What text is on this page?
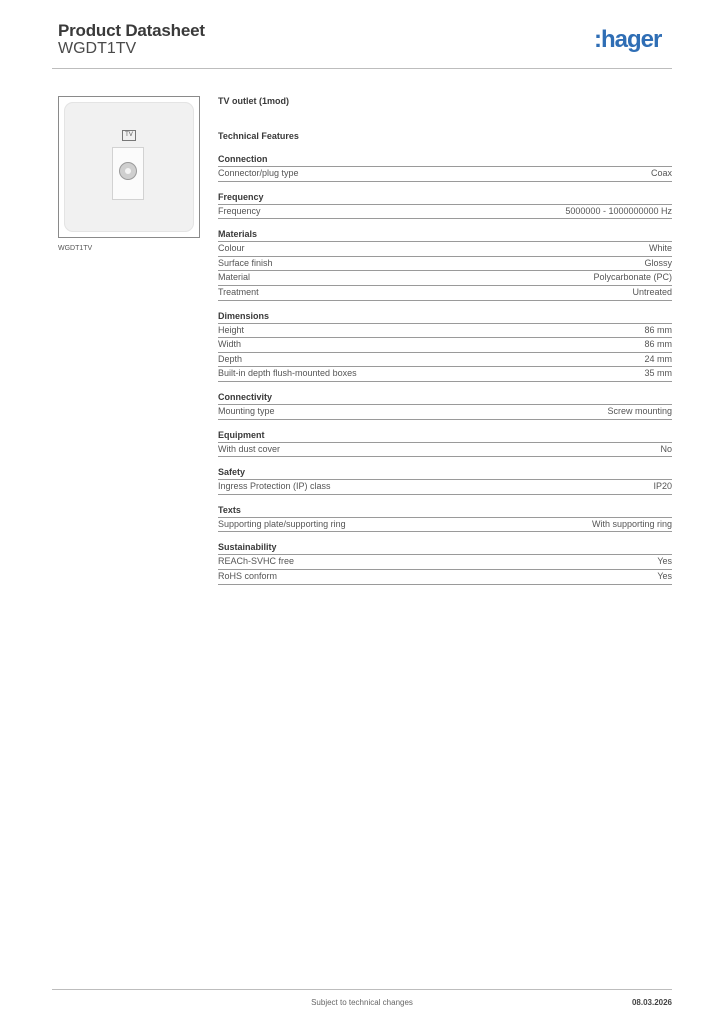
Product Datasheet
WGDT1TV	:hager
TV
WGDT1TV
TV outlet (1mod)
Technical Features
Connection
Connector/plug type	Coax
Frequency
Frequency	5000000 - 1000000000 Hz
Materials
Colour	White
Surface finish	Glossy
Material	Polycarbonate (PC)
Treatment	Untreated
Dimensions
Height	86 mm
Width	86 mm
Depth	24 mm
Built-in depth flush-mounted boxes	35 mm
Connectivity
Mounting type	Screw mounting
Equipment
With dust cover	No
Safety
Ingress Protection (IP) class	IP20
Texts
Supporting plate/supporting ring	With supporting ring
Sustainability
REACh-SVHC free	Yes
RoHS conform	Yes
Subject to technical changes	08.03.2026
